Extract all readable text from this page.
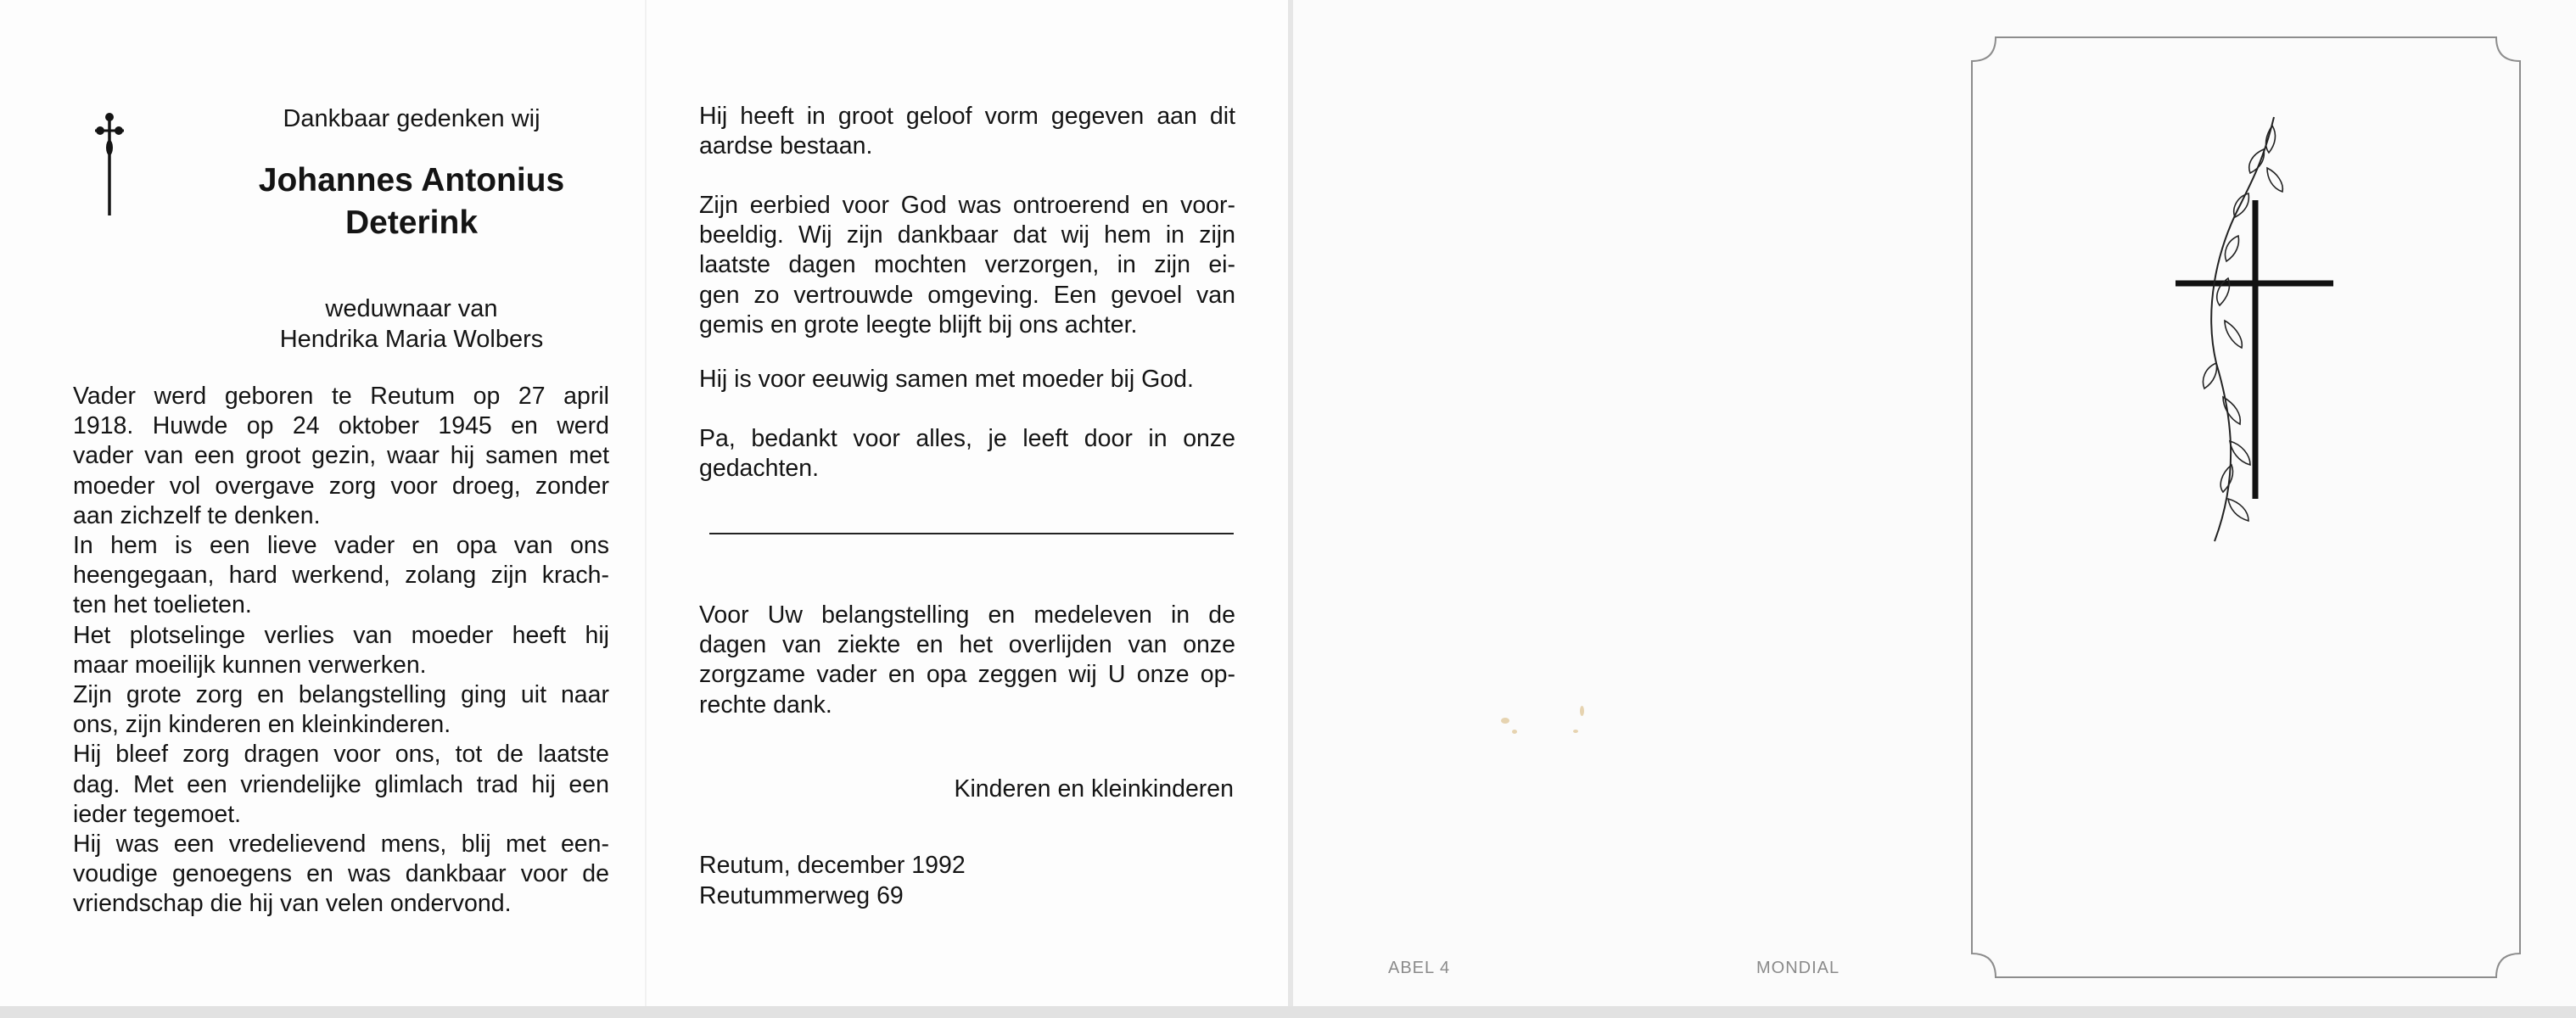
Dankbaar gedenken wij
Johannes Antonius
Deterink
weduwnaar van
Hendrika Maria Wolbers
Vader werd geboren te Reutum op 27 april
1918. Huwde op 24 oktober 1945 en werd
vader van een groot gezin, waar hij samen met
moeder vol overgave zorg voor droeg, zonder
aan zichzelf te denken.
In hem is een lieve vader en opa van ons
heengegaan, hard werkend, zolang zijn krach-
ten het toelieten.
Het plotselinge verlies van moeder heeft hij
maar moeilijk kunnen verwerken.
Zijn grote zorg en belangstelling ging uit naar
ons, zijn kinderen en kleinkinderen.
Hij bleef zorg dragen voor ons, tot de laatste
dag. Met een vriendelijke glimlach trad hij een
ieder tegemoet.
Hij was een vredelievend mens, blij met een-
voudige genoegens en was dankbaar voor de
vriendschap die hij van velen ondervond.
Hij heeft in groot geloof vorm gegeven aan dit
aardse bestaan.
Zijn eerbied voor God was ontroerend en voor-
beeldig. Wij zijn dankbaar dat wij hem in zijn
laatste dagen mochten verzorgen, in zijn ei-
gen zo vertrouwde omgeving. Een gevoel van
gemis en grote leegte blijft bij ons achter.
Hij is voor eeuwig samen met moeder bij God.
Pa, bedankt voor alles, je leeft door in onze
gedachten.
Voor Uw belangstelling en medeleven in de
dagen van ziekte en het overlijden van onze
zorgzame vader en opa zeggen wij U onze op-
rechte dank.
Kinderen en kleinkinderen
Reutum, december 1992
Reutummerweg 69
ABEL 4	MONDIAL
